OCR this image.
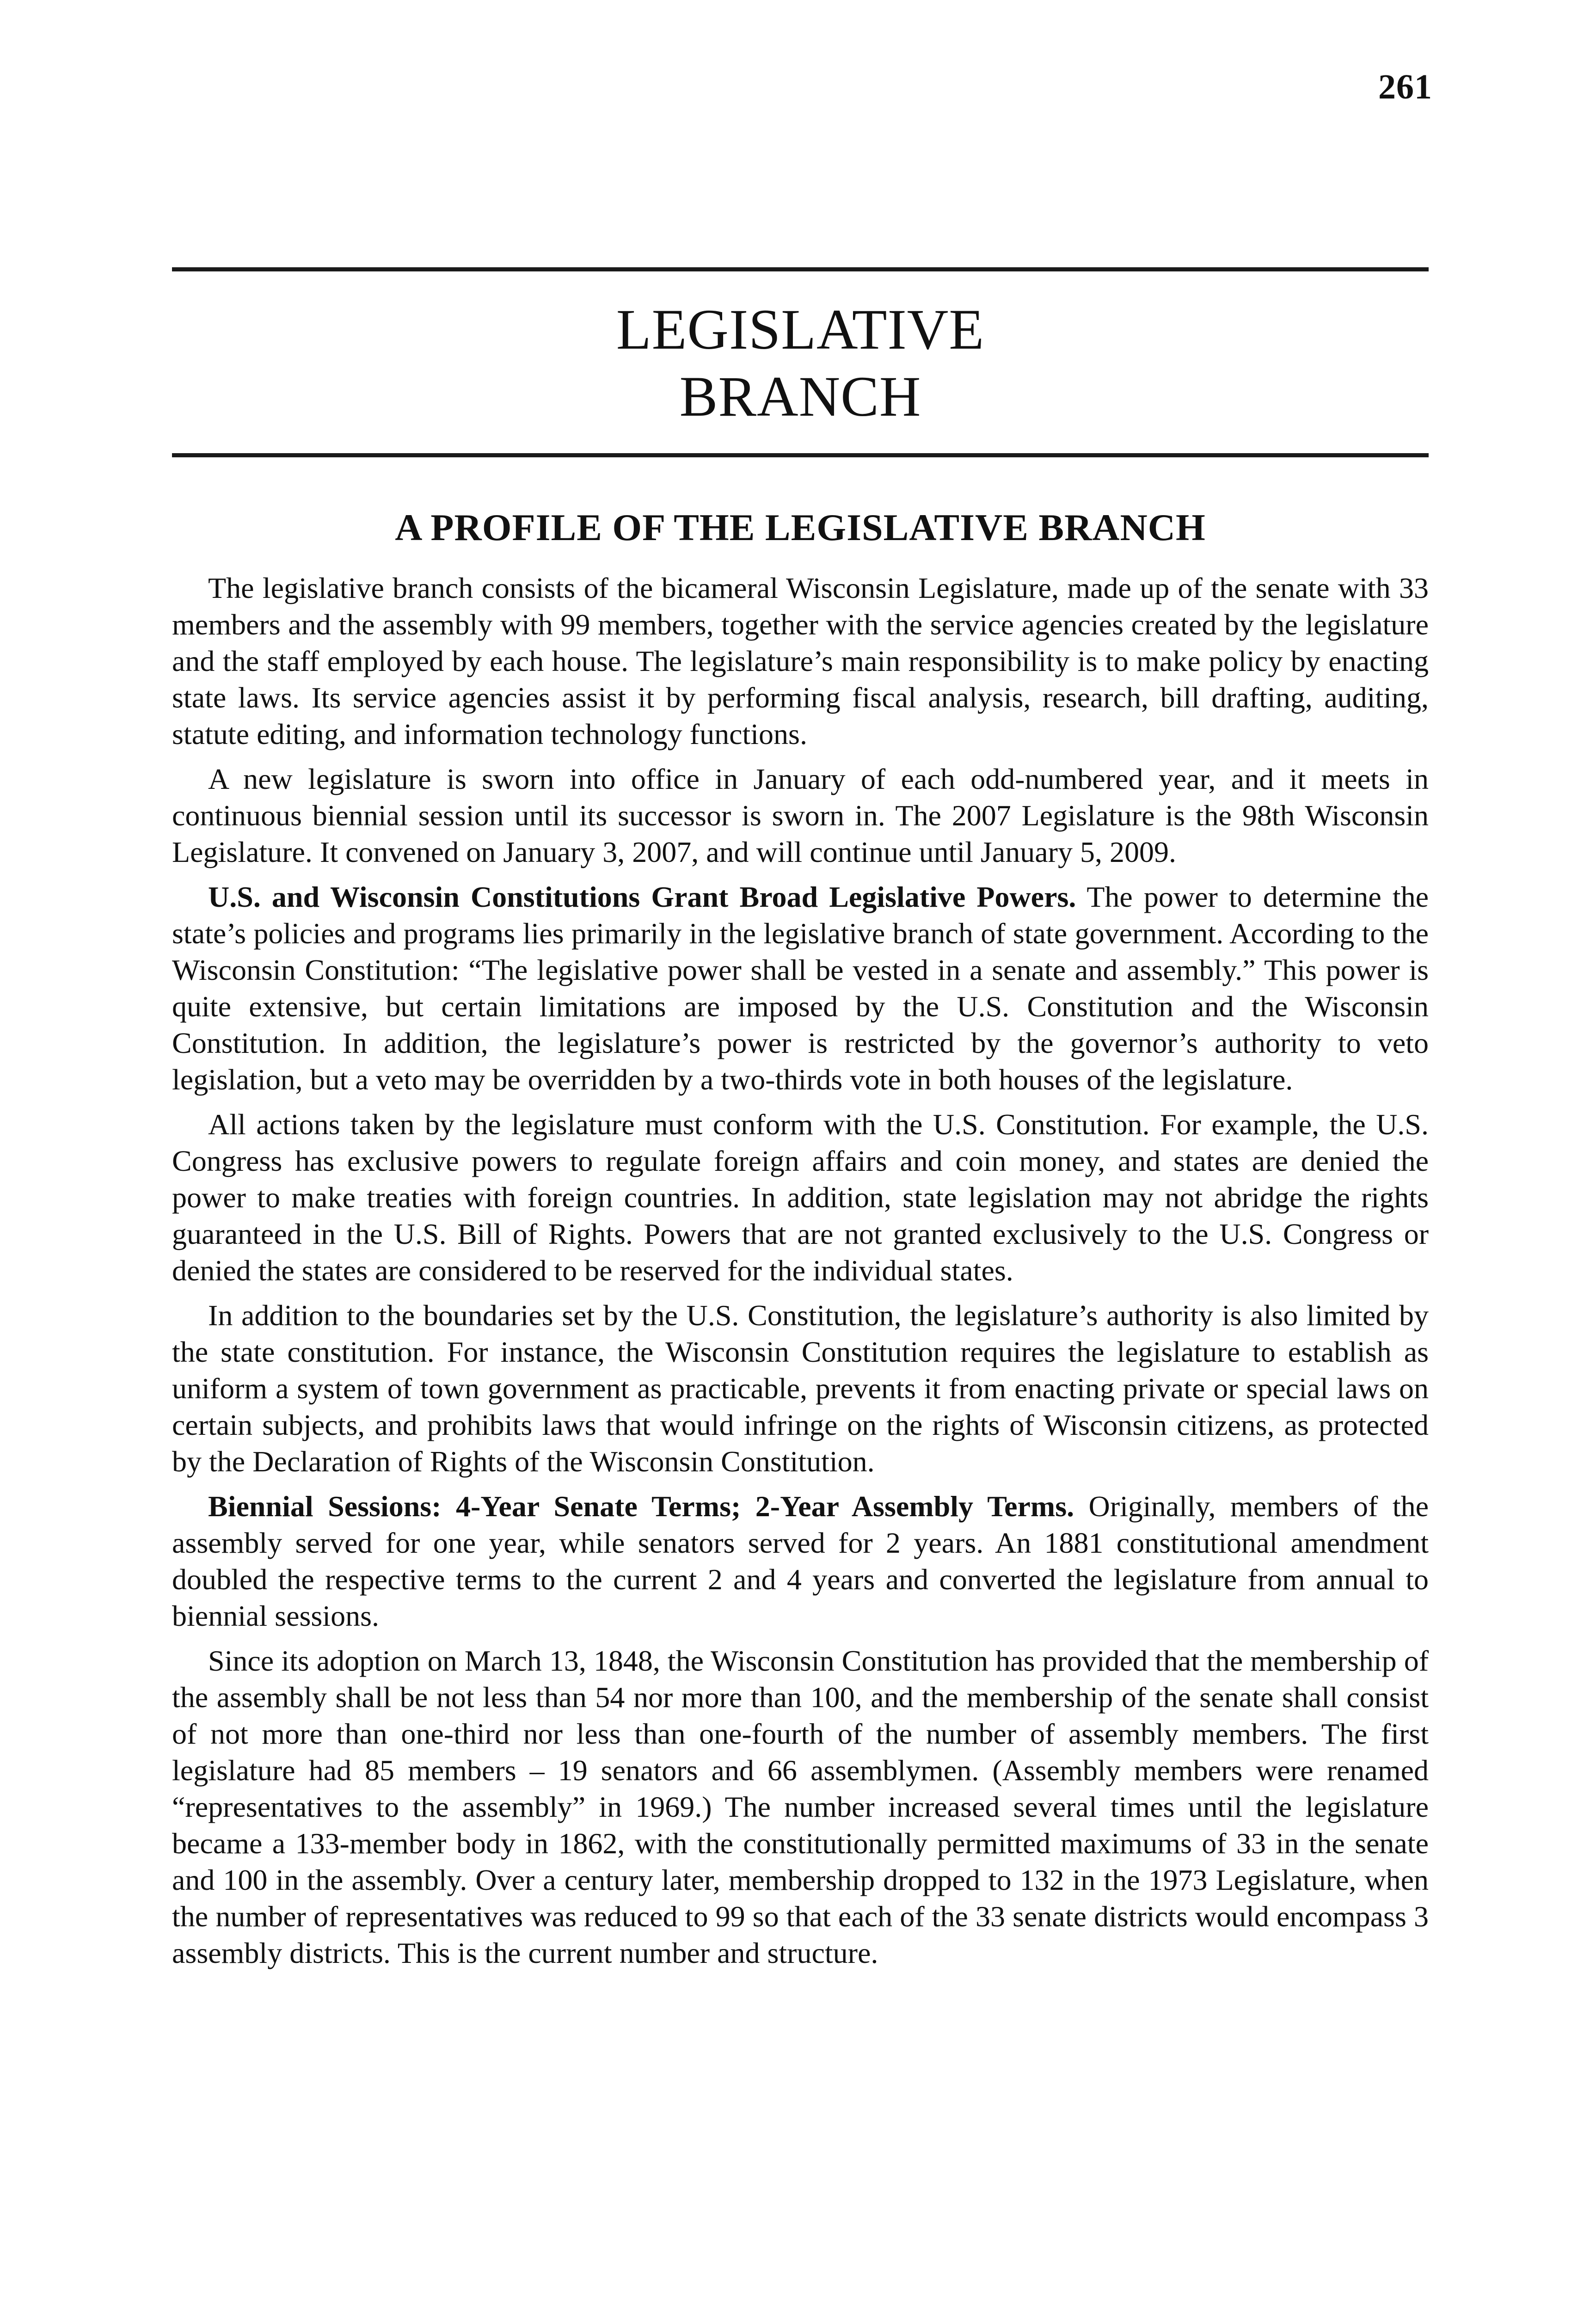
261
LEGISLATIVE
BRANCH
A PROFILE OF THE LEGISLATIVE BRANCH

The legislative branch consists of the bicameral Wisconsin Legislature, made up of the senate with 33 members and the assembly with 99 members, together with the service agencies created by the legislature and the staff employed by each house. The legislature’s main responsibility is to make policy by enacting state laws. Its service agencies assist it by performing fiscal analysis, research, bill drafting, auditing, statute editing, and information technology functions.

A new legislature is sworn into office in January of each odd-numbered year, and it meets in continuous biennial session until its successor is sworn in. The 2007 Legislature is the 98th Wisconsin Legislature. It convened on January 3, 2007, and will continue until January 5, 2009.

U.S. and Wisconsin Constitutions Grant Broad Legislative Powers. The power to determine the state’s policies and programs lies primarily in the legislative branch of state government. According to the Wisconsin Constitution: “The legislative power shall be vested in a senate and assembly.” This power is quite extensive, but certain limitations are imposed by the U.S. Constitution and the Wisconsin Constitution. In addition, the legislature’s power is restricted by the governor’s authority to veto legislation, but a veto may be overridden by a two-thirds vote in both houses of the legislature.

All actions taken by the legislature must conform with the U.S. Constitution. For example, the U.S. Congress has exclusive powers to regulate foreign affairs and coin money, and states are denied the power to make treaties with foreign countries. In addition, state legislation may not abridge the rights guaranteed in the U.S. Bill of Rights. Powers that are not granted exclusively to the U.S. Congress or denied the states are considered to be reserved for the individual states.

In addition to the boundaries set by the U.S. Constitution, the legislature’s authority is also limited by the state constitution. For instance, the Wisconsin Constitution requires the legislature to establish as uniform a system of town government as practicable, prevents it from enacting private or special laws on certain subjects, and prohibits laws that would infringe on the rights of Wisconsin citizens, as protected by the Declaration of Rights of the Wisconsin Constitution.

Biennial Sessions: 4-Year Senate Terms; 2-Year Assembly Terms. Originally, members of the assembly served for one year, while senators served for 2 years. An 1881 constitutional amendment doubled the respective terms to the current 2 and 4 years and converted the legislature from annual to biennial sessions.

Since its adoption on March 13, 1848, the Wisconsin Constitution has provided that the membership of the assembly shall be not less than 54 nor more than 100, and the membership of the senate shall consist of not more than one-third nor less than one-fourth of the number of assembly members. The first legislature had 85 members – 19 senators and 66 assemblymen. (Assembly members were renamed “representatives to the assembly” in 1969.) The number increased several times until the legislature became a 133-member body in 1862, with the constitutionally permitted maximums of 33 in the senate and 100 in the assembly. Over a century later, membership dropped to 132 in the 1973 Legislature, when the number of representatives was reduced to 99 so that each of the 33 senate districts would encompass 3 assembly districts. This is the current number and structure.
